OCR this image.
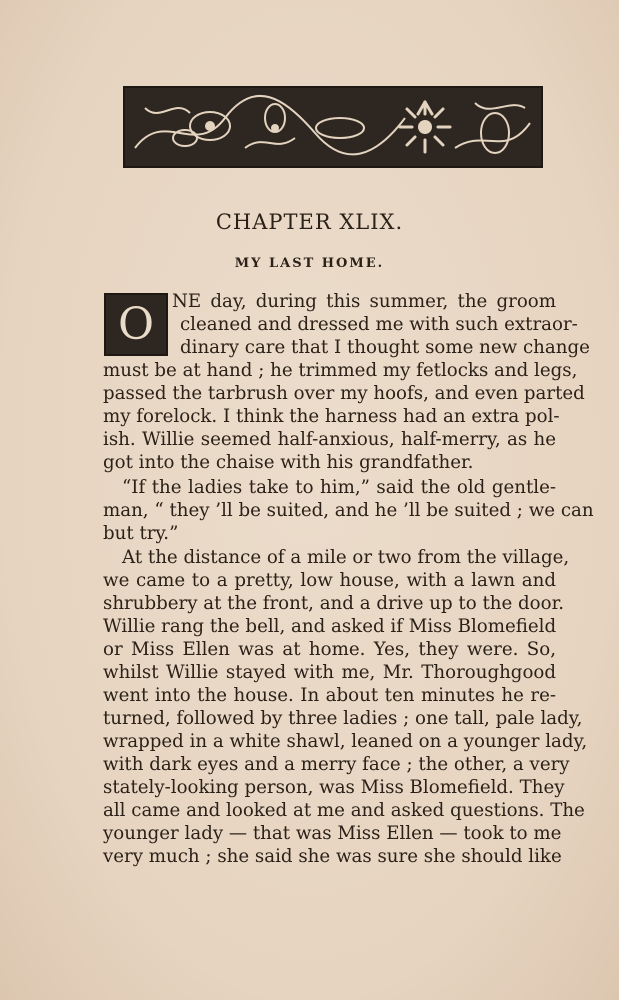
CHAPTER XLIX.
MY LAST HOME.
O NE day, during this summer, the groom
cleaned and dressed me with such extraor-
dinary care that I thought some new change
must be at hand ; he trimmed my fetlocks and legs,
passed the tarbrush over my hoofs, and even parted
my forelock. I think the harness had an extra pol-
ish. Willie seemed half-anxious, half-merry, as he
got into the chaise with his grandfather.
“If the ladies take to him,” said the old gentle-
man, “ they ’ll be suited, and he ’ll be suited ; we can
but try.”
At the distance of a mile or two from the village,
we came to a pretty, low house, with a lawn and
shrubbery at the front, and a drive up to the door.
Willie rang the bell, and asked if Miss Blomefield
or Miss Ellen was at home. Yes, they were. So,
whilst Willie stayed with me, Mr. Thoroughgood
went into the house. In about ten minutes he re-
turned, followed by three ladies ; one tall, pale lady,
wrapped in a white shawl, leaned on a younger lady,
with dark eyes and a merry face ; the other, a very
stately-looking person, was Miss Blomefield. They
all came and looked at me and asked questions. The
younger lady — that was Miss Ellen — took to me
very much ; she said she was sure she should like
